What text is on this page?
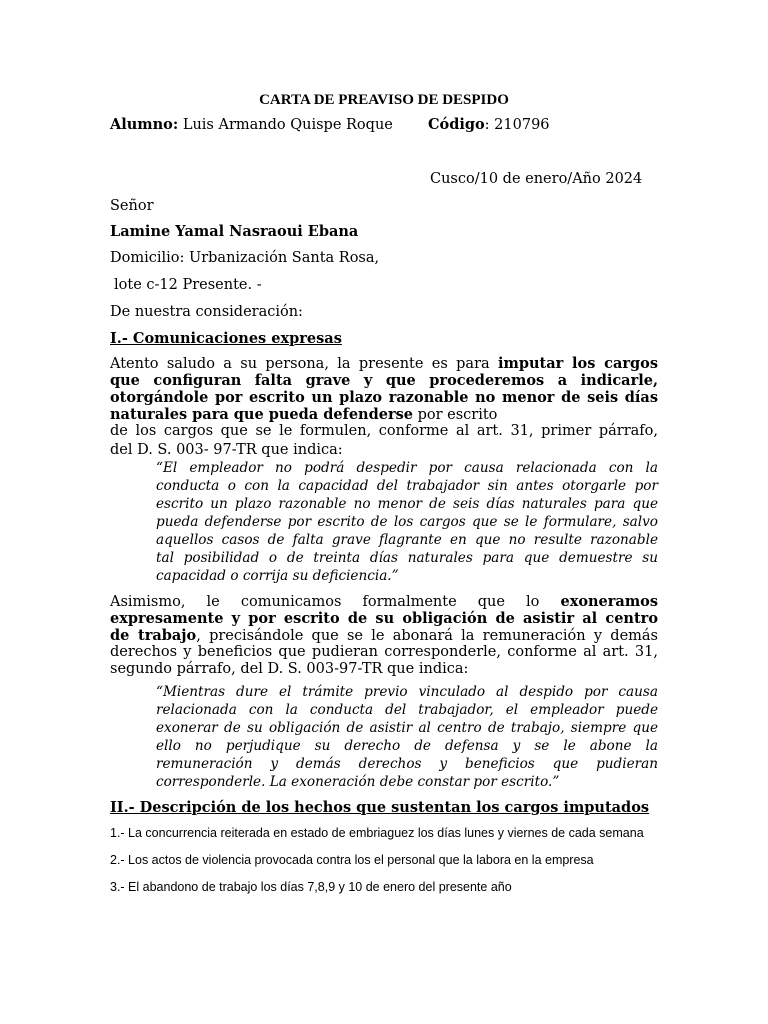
CARTA DE PREAVISO DE DESPIDO
Alumno: Luis Armando Quispe Roque Código: 210796
Cusco/10 de enero/Año 2024
Señor
Lamine Yamal Nasraoui Ebana
Domicilio: Urbanización Santa Rosa,
lote c-12 Presente. -
De nuestra consideración:
I.- Comunicaciones expresas
Atento saludo a su persona, la presente es para imputar los cargos
que configuran falta grave y que procederemos a indicarle,
otorgándole por escrito un plazo razonable no menor de seis días
naturales para que pueda defenderse por escrito
de los cargos que se le formulen, conforme al art. 31, primer párrafo,
del D. S. 003- 97-TR que indica:
“El empleador no podrá despedir por causa relacionada con la
conducta o con la capacidad del trabajador sin antes otorgarle por
escrito un plazo razonable no menor de seis días naturales para que
pueda defenderse por escrito de los cargos que se le formulare, salvo
aquellos casos de falta grave flagrante en que no resulte razonable
tal posibilidad o de treinta días naturales para que demuestre su
capacidad o corrija su deficiencia.”
Asimismo, le comunicamos formalmente que lo exoneramos
expresamente y por escrito de su obligación de asistir al centro
de trabajo, precisándole que se le abonará la remuneración y demás
derechos y beneficios que pudieran corresponderle, conforme al art. 31,
segundo párrafo, del D. S. 003-97-TR que indica:
“Mientras dure el trámite previo vinculado al despido por causa
relacionada con la conducta del trabajador, el empleador puede
exonerar de su obligación de asistir al centro de trabajo, siempre que
ello no perjudique su derecho de defensa y se le abone la
remuneración y demás derechos y beneficios que pudieran
corresponderle. La exoneración debe constar por escrito.”
II.- Descripción de los hechos que sustentan los cargos imputados
1.- La concurrencia reiterada en estado de embriaguez los días lunes y viernes de cada semana
2.- Los actos de violencia provocada contra los el personal que la labora en la empresa
3.- El abandono de trabajo los días 7,8,9 y 10 de enero del presente año
